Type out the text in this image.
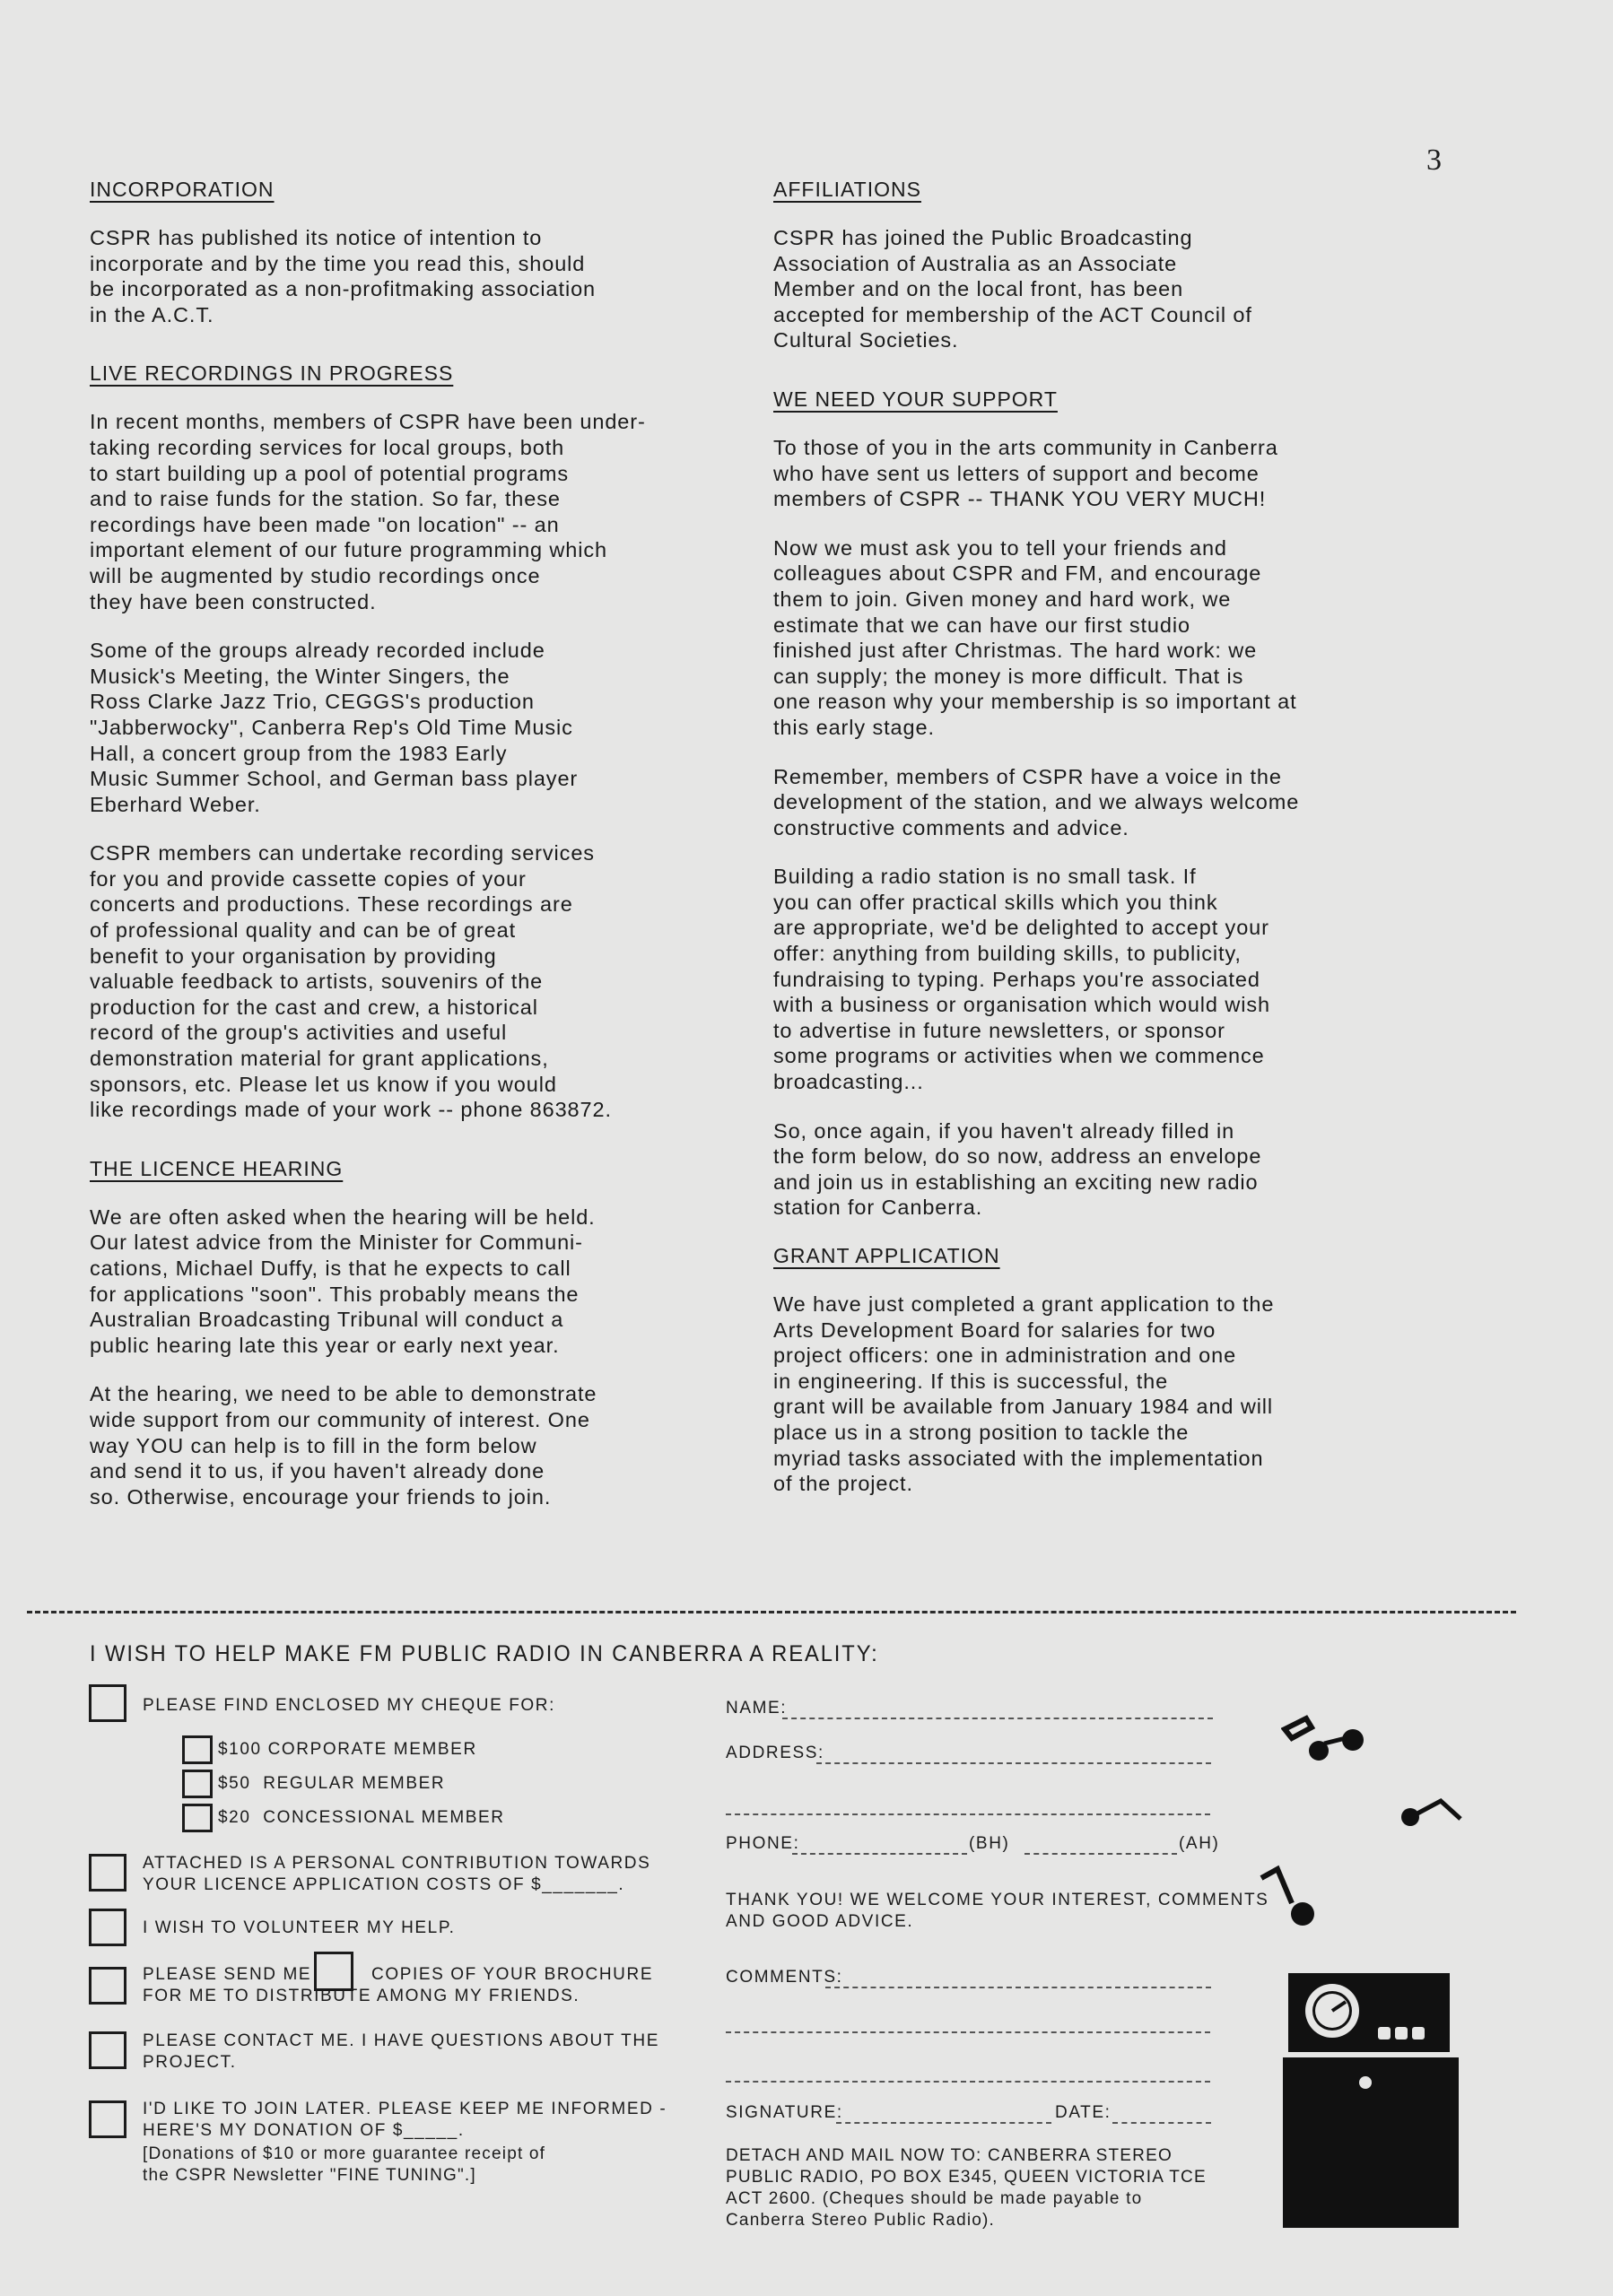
3
INCORPORATION
CSPR has published its notice of intention to
incorporate and by the time you read this, should
be incorporated as a non-profitmaking association
in the A.C.T.
LIVE RECORDINGS IN PROGRESS
In recent months, members of CSPR have been under-
taking recording services for local groups, both
to start building up a pool of potential programs
and to raise funds for the station. So far, these
recordings have been made "on location" -- an
important element of our future programming which
will be augmented by studio recordings once
they have been constructed.
Some of the groups already recorded include
Musick's Meeting, the Winter Singers, the
Ross Clarke Jazz Trio, CEGGS's production
"Jabberwocky", Canberra Rep's Old Time Music
Hall, a concert group from the 1983 Early
Music Summer School, and German bass player
Eberhard Weber.
CSPR members can undertake recording services
for you and provide cassette copies of your
concerts and productions. These recordings are
of professional quality and can be of great
benefit to your organisation by providing
valuable feedback to artists, souvenirs of the
production for the cast and crew, a historical
record of the group's activities and useful
demonstration material for grant applications,
sponsors, etc. Please let us know if you would
like recordings made of your work -- phone 863872.
THE LICENCE HEARING
We are often asked when the hearing will be held.
Our latest advice from the Minister for Communi-
cations, Michael Duffy, is that he expects to call
for applications "soon". This probably means the
Australian Broadcasting Tribunal will conduct a
public hearing late this year or early next year.
At the hearing, we need to be able to demonstrate
wide support from our community of interest. One
way YOU can help is to fill in the form below
and send it to us, if you haven't already done
so. Otherwise, encourage your friends to join.
AFFILIATIONS
CSPR has joined the Public Broadcasting
Association of Australia as an Associate
Member and on the local front, has been
accepted for membership of the ACT Council of
Cultural Societies.
WE NEED YOUR SUPPORT
To those of you in the arts community in Canberra
who have sent us letters of support and become
members of CSPR -- THANK YOU VERY MUCH!
Now we must ask you to tell your friends and
colleagues about CSPR and FM, and encourage
them to join. Given money and hard work, we
estimate that we can have our first studio
finished just after Christmas. The hard work: we
can supply; the money is more difficult. That is
one reason why your membership is so important at
this early stage.
Remember, members of CSPR have a voice in the
development of the station, and we always welcome
constructive comments and advice.
Building a radio station is no small task. If
you can offer practical skills which you think
are appropriate, we'd be delighted to accept your
offer: anything from building skills, to publicity,
fundraising to typing. Perhaps you're associated
with a business or organisation which would wish
to advertise in future newsletters, or sponsor
some programs or activities when we commence
broadcasting...
So, once again, if you haven't already filled in
the form below, do so now, address an envelope
and join us in establishing an exciting new radio
station for Canberra.
GRANT APPLICATION
We have just completed a grant application to the
Arts Development Board for salaries for two
project officers: one in administration and one
in engineering. If this is successful, the
grant will be available from January 1984 and will
place us in a strong position to tackle the
myriad tasks associated with the implementation
of the project.
I WISH TO HELP MAKE FM PUBLIC RADIO IN CANBERRA A REALITY:
PLEASE FIND ENCLOSED MY CHEQUE FOR:
$100 CORPORATE MEMBER
$50 REGULAR MEMBER
$20 CONCESSIONAL MEMBER
ATTACHED IS A PERSONAL CONTRIBUTION TOWARDS
YOUR LICENCE APPLICATION COSTS OF $_______.
I WISH TO VOLUNTEER MY HELP.
PLEASE SEND ME	COPIES OF YOUR BROCHURE
FOR ME TO DISTRIBUTE AMONG MY FRIENDS.
PLEASE CONTACT ME. I HAVE QUESTIONS ABOUT THE
PROJECT.
I'D LIKE TO JOIN LATER. PLEASE KEEP ME INFORMED -
HERE'S MY DONATION OF $_____.
[Donations of $10 or more guarantee receipt of
the CSPR Newsletter "FINE TUNING".]
NAME:
ADDRESS:
PHONE:	(BH)	(AH)
THANK YOU! WE WELCOME YOUR INTEREST, COMMENTS
AND GOOD ADVICE.
COMMENTS:
SIGNATURE:	DATE:
DETACH AND MAIL NOW TO: CANBERRA STEREO
PUBLIC RADIO, PO BOX E345, QUEEN VICTORIA TCE
ACT 2600. (Cheques should be made payable to
Canberra Stereo Public Radio).
